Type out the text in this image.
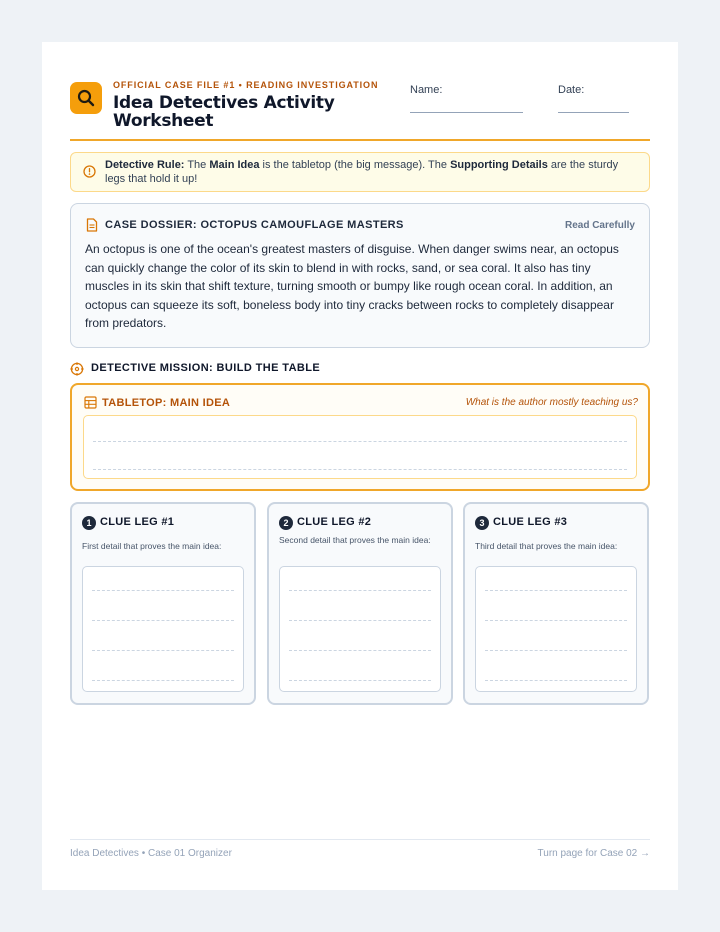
OFFICIAL CASE FILE #1 • READING INVESTIGATION
Idea Detectives Activity Worksheet
Name:	Date:
Detective Rule: The Main Idea is the tabletop (the big message). The Supporting Details are the sturdy legs that hold it up!
CASE DOSSIER: OCTOPUS CAMOUFLAGE MASTERS	Read Carefully
An octopus is one of the ocean's greatest masters of disguise. When danger swims near, an octopus can quickly change the color of its skin to blend in with rocks, sand, or sea coral. It also has tiny muscles in its skin that shift texture, turning smooth or bumpy like rough ocean coral. In addition, an octopus can squeeze its soft, boneless body into tiny cracks between rocks to completely disappear from predators.
DETECTIVE MISSION: BUILD THE TABLE
TABLETOP: MAIN IDEA	What is the author mostly teaching us?
1 CLUE LEG #1
First detail that proves the main idea:
2 CLUE LEG #2
Second detail that proves the main idea:
3 CLUE LEG #3
Third detail that proves the main idea:
Idea Detectives • Case 01 Organizer	Turn page for Case 02 →
